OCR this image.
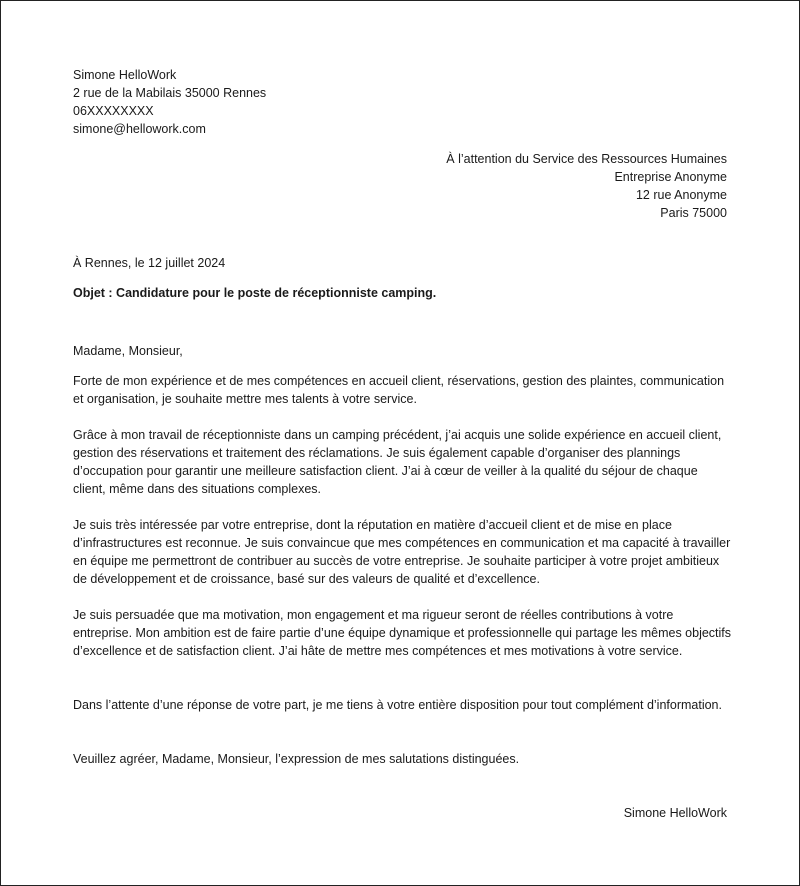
Simone HelloWork
2 rue de la Mabilais 35000 Rennes
06XXXXXXXX
simone@hellowork.com
À l’attention du Service des Ressources Humaines
Entreprise Anonyme
12 rue Anonyme
Paris 75000
À Rennes, le 12 juillet 2024
Objet : Candidature pour le poste de réceptionniste camping.
Madame, Monsieur,
Forte de mon expérience et de mes compétences en accueil client, réservations, gestion des plaintes, communication et organisation, je souhaite mettre mes talents à votre service.
Grâce à mon travail de réceptionniste dans un camping précédent, j’ai acquis une solide expérience en accueil client, gestion des réservations et traitement des réclamations. Je suis également capable d’organiser des plannings d’occupation pour garantir une meilleure satisfaction client. J’ai à cœur de veiller à la qualité du séjour de chaque client, même dans des situations complexes.
Je suis très intéressée par votre entreprise, dont la réputation en matière d’accueil client et de mise en place d’infrastructures est reconnue. Je suis convaincue que mes compétences en communication et ma capacité à travailler en équipe me permettront de contribuer au succès de votre entreprise. Je souhaite participer à votre projet ambitieux de développement et de croissance, basé sur des valeurs de qualité et d’excellence.
Je suis persuadée que ma motivation, mon engagement et ma rigueur seront de réelles contributions à votre entreprise. Mon ambition est de faire partie d’une équipe dynamique et professionnelle qui partage les mêmes objectifs d’excellence et de satisfaction client. J’ai hâte de mettre mes compétences et mes motivations à votre service.
Dans l’attente d’une réponse de votre part, je me tiens à votre entière disposition pour tout complément d’information.
Veuillez agréer, Madame, Monsieur, l’expression de mes salutations distinguées.
Simone HelloWork
